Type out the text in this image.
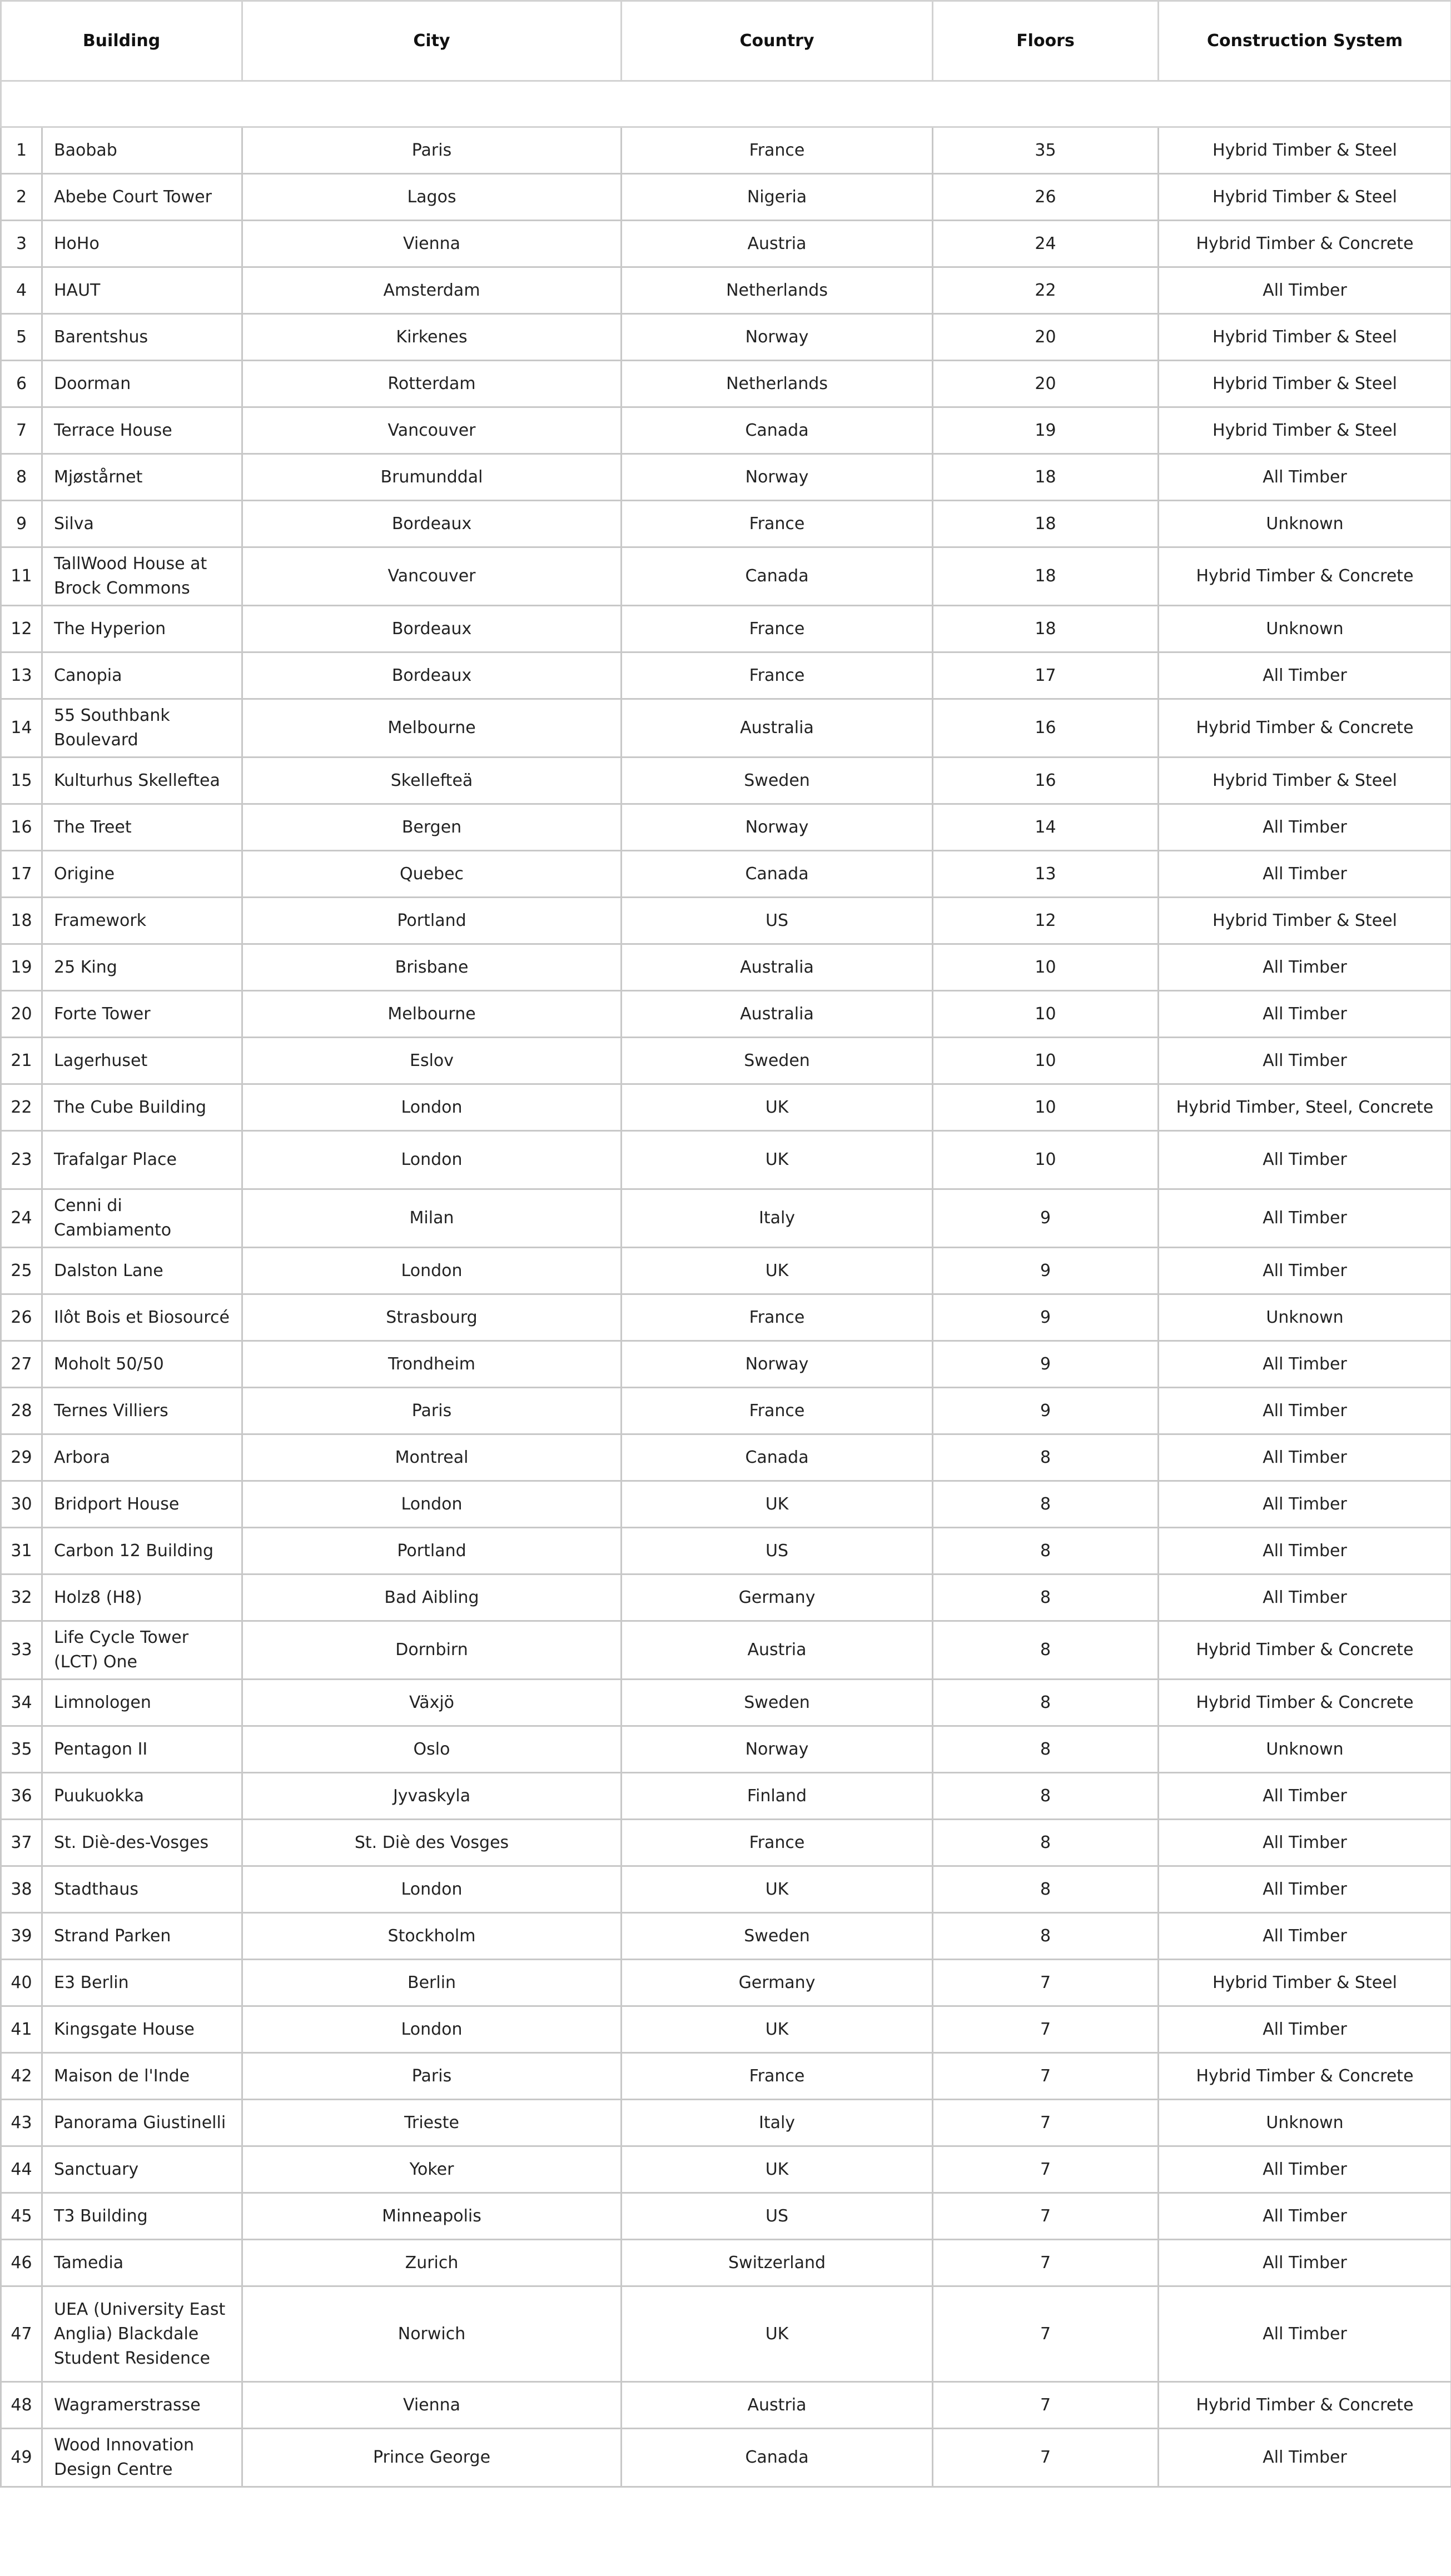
Building		City	Country	Floors	Construction System

1	Baobab	Paris	France	35	Hybrid Timber & Steel
2	Abebe Court Tower	Lagos	Nigeria	26	Hybrid Timber & Steel
3	HoHo	Vienna	Austria	24	Hybrid Timber & Concrete
4	HAUT	Amsterdam	Netherlands	22	All Timber
5	Barentshus	Kirkenes	Norway	20	Hybrid Timber & Steel
6	Doorman	Rotterdam	Netherlands	20	Hybrid Timber & Steel
7	Terrace House	Vancouver	Canada	19	Hybrid Timber & Steel
8	Mjøstårnet	Brumunddal	Norway	18	All Timber
9	Silva	Bordeaux	France	18	Unknown
11	TallWood House at Brock Commons	Vancouver	Canada	18	Hybrid Timber & Concrete
12	The Hyperion	Bordeaux	France	18	Unknown
13	Canopia	Bordeaux	France	17	All Timber
14	55 Southbank Boulevard	Melbourne	Australia	16	Hybrid Timber & Concrete
15	Kulturhus Skelleftea	Skellefteä	Sweden	16	Hybrid Timber & Steel
16	The Treet	Bergen	Norway	14	All Timber
17	Origine	Quebec	Canada	13	All Timber
18	Framework	Portland	US	12	Hybrid Timber & Steel
19	25 King	Brisbane	Australia	10	All Timber
20	Forte Tower	Melbourne	Australia	10	All Timber
21	Lagerhuset	Eslov	Sweden	10	All Timber
22	The Cube Building	London	UK	10	Hybrid Timber, Steel, Concrete
23	Trafalgar Place	London	UK	10	All Timber
24	Cenni di Cambiamento	Milan	Italy	9	All Timber
25	Dalston Lane	London	UK	9	All Timber
26	Ilôt Bois et Biosourcé	Strasbourg	France	9	Unknown
27	Moholt 50/50	Trondheim	Norway	9	All Timber
28	Ternes Villiers	Paris	France	9	All Timber
29	Arbora	Montreal	Canada	8	All Timber
30	Bridport House	London	UK	8	All Timber
31	Carbon 12 Building	Portland	US	8	All Timber
32	Holz8 (H8)	Bad Aibling	Germany	8	All Timber
33	Life Cycle Tower (LCT) One	Dornbirn	Austria	8	Hybrid Timber & Concrete
34	Limnologen	Växjö	Sweden	8	Hybrid Timber & Concrete
35	Pentagon II	Oslo	Norway	8	Unknown
36	Puukuokka	Jyvaskyla	Finland	8	All Timber
37	St. Diè-des-Vosges	St. Diè des Vosges	France	8	All Timber
38	Stadthaus	London	UK	8	All Timber
39	Strand Parken	Stockholm	Sweden	8	All Timber
40	E3 Berlin	Berlin	Germany	7	Hybrid Timber & Steel
41	Kingsgate House	London	UK	7	All Timber
42	Maison de l'Inde	Paris	France	7	Hybrid Timber & Concrete
43	Panorama Giustinelli	Trieste	Italy	7	Unknown
44	Sanctuary	Yoker	UK	7	All Timber
45	T3 Building	Minneapolis	US	7	All Timber
46	Tamedia	Zurich	Switzerland	7	All Timber
47	UEA (University East Anglia) Blackdale Student Residence	Norwich	UK	7	All Timber
48	Wagramerstrasse	Vienna	Austria	7	Hybrid Timber & Concrete
49	Wood Innovation Design Centre	Prince George	Canada	7	All Timber
